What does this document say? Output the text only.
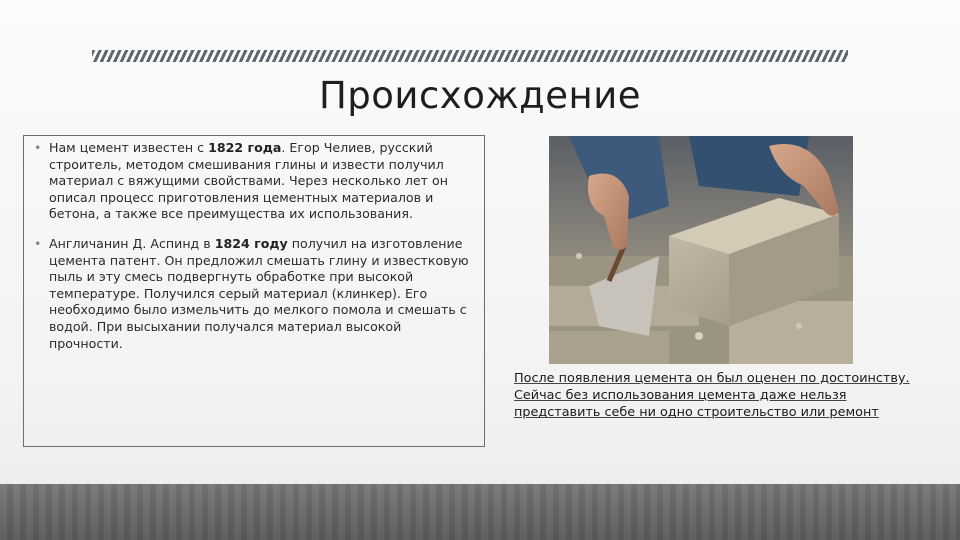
Происхождение
• Нам цемент известен с 1822 года. Егор Челиев, русский строитель, методом смешивания глины и извести получил материал с вяжущими свойствами. Через несколько лет он описал процесс приготовления цементных материалов и бетона, а также все преимущества их использования.
• Англичанин Д. Аспинд в 1824 году получил на изготовление цемента патент. Он предложил смешать глину и известковую пыль и эту смесь подвергнуть обработке при высокой температуре. Получился серый материал (клинкер). Его необходимо было измельчить до мелкого помола и смешать с водой. При высыхании получался материал высокой прочности.
После появления цемента он был оценен по достоинству. Сейчас без использования цемента даже нельзя представить себе ни одно строительство или ремонт
